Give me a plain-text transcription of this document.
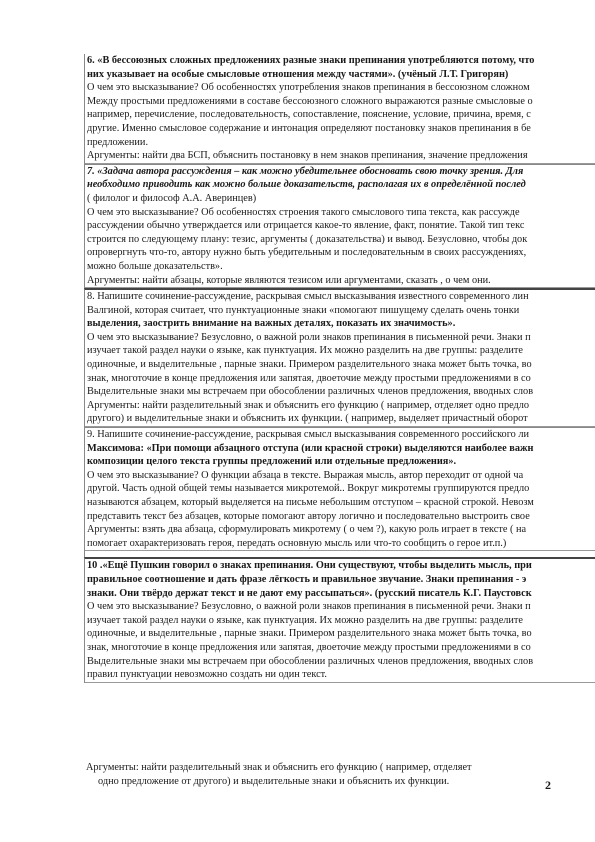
6. «В бессоюзных сложных предложениях разные знаки препинания употребляются потому, что
них указывает на особые смысловые отношения между частями». (учёный Л.Т. Григорян)
О чем это высказывание? Об особенностях употребления знаков препинания в бессоюзном сложном
Между простыми предложениями в составе бессоюзного сложного выражаются разные смысловые о
например, перечисление, последовательность, сопоставление, пояснение, условие, причина, время, с
другие. Именно смысловое содержание и интонация определяют постановку знаков препинания в бе
предложении.
Аргументы: найти два БСП, объяснить постановку в нем знаков препинания, значение предложения
7. «Задача автора рассуждения – как можно убедительнее обосновать свою точку зрения. Для
необходимо приводить как можно больше доказательств, располагая их в определённой послед
( филолог и философ А.А. Аверинцев)
О чем это высказывание? Об особенностях строения такого смыслового типа текста, как рассужде
рассуждении обычно утверждается или отрицается какое-то явление, факт, понятие. Такой тип текс
строится по следующему плану: тезис, аргументы ( доказательства) и вывод. Безусловно, чтобы док
опровергнуть что-то, автору нужно быть убедительным и последовательным в своих рассуждениях,
можно больше доказательств».
Аргументы: найти абзацы, которые являются тезисом или аргументами, сказать , о чем они.
8. Напишите сочинение-рассуждение, раскрывая смысл высказывания известного современного лин
Валгиной, которая считает, что пунктуационные знаки «помогают пишущему сделать очень тонки
выделения, заострить внимание на важных деталях, показать их значимость».
О чем это высказывание? Безусловно, о важной роли знаков препинания в письменной речи. Знаки п
изучает такой раздел науки о языке, как пунктуация. Их можно разделить на две группы: разделите
одиночные, и выделительные , парные знаки. Примером разделительного знака может быть точка, во
знак, многоточие в конце предложения или запятая, двоеточие между простыми предложениями в со
Выделительные знаки мы встречаем при обособлении различных членов предложения, вводных слов
Аргументы: найти разделительный знак и объяснить его функцию ( например, отделяет одно предло
другого) и выделительные знаки и объяснить их функции. ( например, выделяет причастный оборот
9. Напишите сочинение-рассуждение, раскрывая смысл высказывания современного российского ли
Максимова: «При помощи абзацного отступа (или красной строки) выделяются наиболее важн
композиции целого текста группы предложений или отдельные предложения».
О чем это высказывание? О функции абзаца в тексте. Выражая мысль, автор переходит от одной ча
другой. Часть одной общей темы называется микротемой.. Вокруг микротемы группируются предло
называются абзацем, который выделяется на письме небольшим отступом – красной строкой. Невозм
представить текст без абзацев, которые помогают автору логично и последовательно выстроить свое
Аргументы: взять два абзаца, сформулировать микротему ( о чем ?), какую роль играет в тексте ( на
помогает охарактеризовать героя, передать основную мысль или что-то сообщить о герое ит.п.)
10 .«Ещё Пушкин говорил о знаках препинания. Они существуют, чтобы выделить мысль, при
правильное соотношение и дать фразе лёгкость и правильное звучание. Знаки препинания - э
знаки. Они твёрдо держат текст и не дают ему рассыпаться». (русский писатель К.Г. Паустовск
О чем это высказывание? Безусловно, о важной роли знаков препинания в письменной речи. Знаки п
изучает такой раздел науки о языке, как пунктуация. Их можно разделить на две группы: разделите
одиночные, и выделительные , парные знаки. Примером разделительного знака может быть точка, во
знак, многоточие в конце предложения или запятая, двоеточие между простыми предложениями в со
Выделительные знаки мы встречаем при обособлении различных членов предложения, вводных слов
правил пунктуации невозможно создать ни один текст.
Аргументы: найти разделительный знак и объяснить его функцию ( например, отделяет
одно предложение от другого) и выделительные знаки и объяснить их функции.	2
